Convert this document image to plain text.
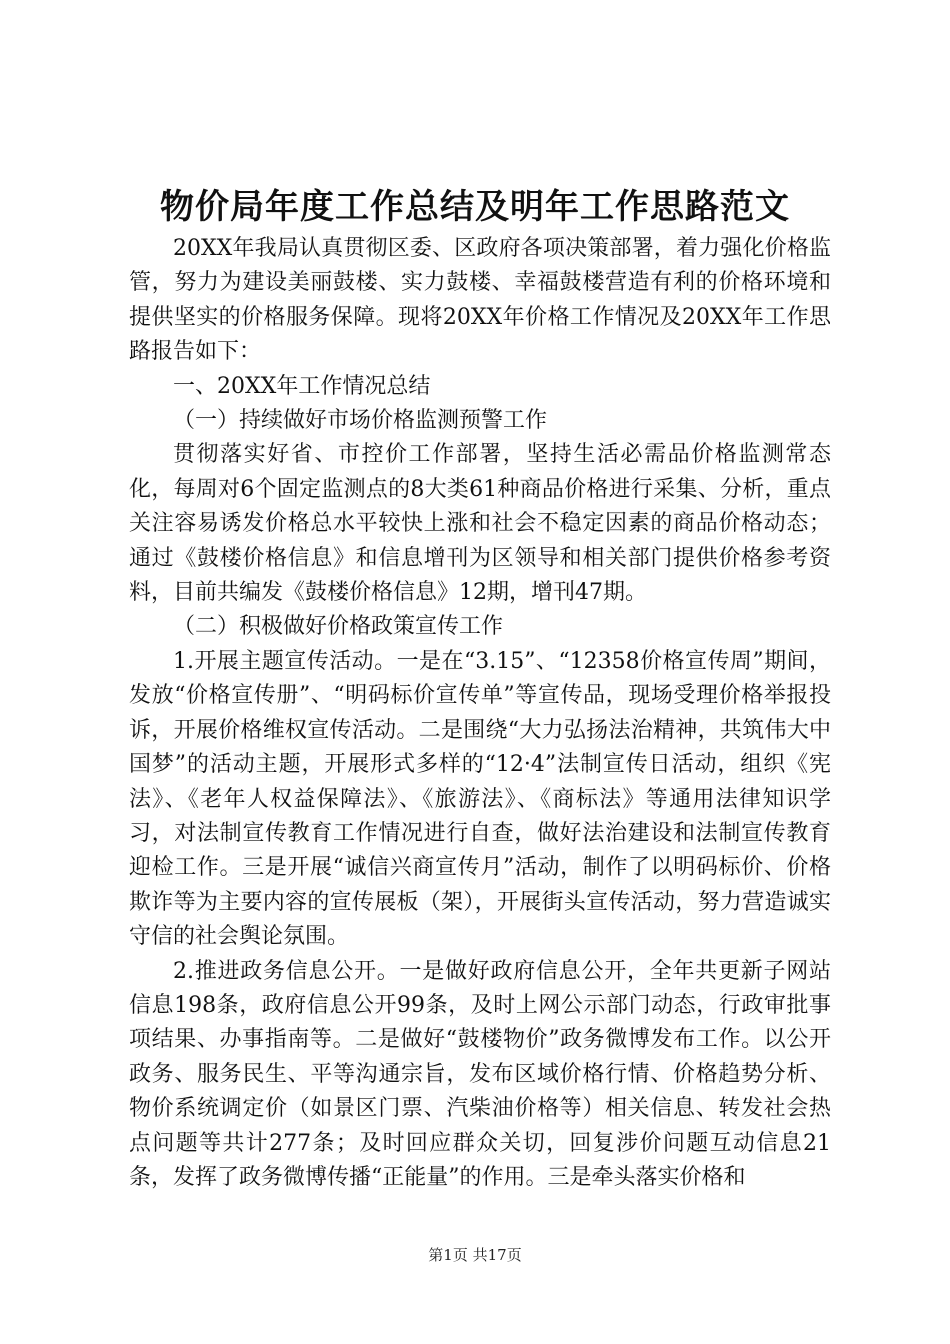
物价局年度工作总结及明年工作思路范文

20XX年我局认真贯彻区委、区政府各项决策部署，着力强化价格监管，努力为建设美丽鼓楼、实力鼓楼、幸福鼓楼营造有利的价格环境和提供坚实的价格服务保障。现将20XX年价格工作情况及20XX年工作思路报告如下：

一、20XX年工作情况总结

（一）持续做好市场价格监测预警工作

贯彻落实好省、市控价工作部署，坚持生活必需品价格监测常态化，每周对6个固定监测点的8大类61种商品价格进行采集、分析，重点关注容易诱发价格总水平较快上涨和社会不稳定因素的商品价格动态；通过《鼓楼价格信息》和信息增刊为区领导和相关部门提供价格参考资料，目前共编发《鼓楼价格信息》12期，增刊47期。

（二）积极做好价格政策宣传工作

1.开展主题宣传活动。一是在“3.15”、“12358价格宣传周”期间，发放“价格宣传册”、“明码标价宣传单”等宣传品，现场受理价格举报投诉，开展价格维权宣传活动。二是围绕“大力弘扬法治精神，共筑伟大中国梦”的活动主题，开展形式多样的“12·4”法制宣传日活动，组织《宪法》、《老年人权益保障法》、《旅游法》、《商标法》等通用法律知识学习，对法制宣传教育工作情况进行自查，做好法治建设和法制宣传教育迎检工作。三是开展“诚信兴商宣传月”活动，制作了以明码标价、价格欺诈等为主要内容的宣传展板（架），开展街头宣传活动，努力营造诚实守信的社会舆论氛围。

2.推进政务信息公开。一是做好政府信息公开，全年共更新子网站信息198条，政府信息公开99条，及时上网公示部门动态，行政审批事项结果、办事指南等。二是做好“鼓楼物价”政务微博发布工作。以公开政务、服务民生、平等沟通宗旨，发布区域价格行情、价格趋势分析、物价系统调定价（如景区门票、汽柴油价格等）相关信息、转发社会热点问题等共计277条；及时回应群众关切，回复涉价问题互动信息21条，发挥了政务微博传播“正能量”的作用。三是牵头落实价格和

第1页 共17页
